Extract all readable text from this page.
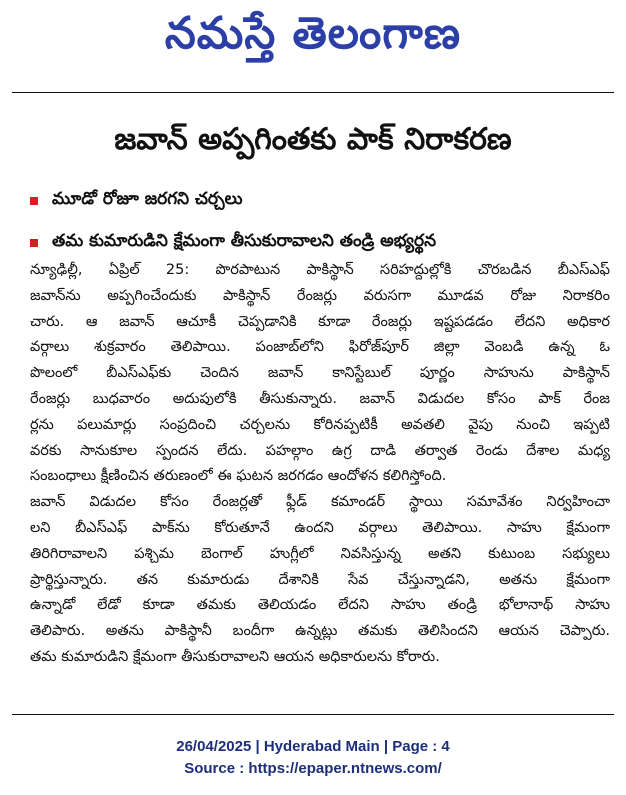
నమస్తే తెలంగాణ
జవాన్ అప్పగింతకు పాక్ నిరాకరణ
మూడో రోజూ జరగని చర్చలు
తమ కుమారుడిని క్షేమంగా తీసుకురావాలని తండ్రి అభ్యర్థన
న్యూఢిల్లీ, ఏప్రిల్ 25: పొరపాటున పాకిస్థాన్ సరిహద్దుల్లోకి చొరబడిన బీఎస్ఎఫ్
జవాన్‌ను అప్పగించేందుకు పాకిస్థాన్ రేంజర్లు వరుసగా మూడవ రోజు నిరాకరిం
చారు. ఆ జవాన్ ఆచూకీ చెప్పడానికి కూడా రేంజర్లు ఇష్టపడడం లేదని అధికార
వర్గాలు శుక్రవారం తెలిపాయి. పంజాబ్‌లోని ఫిరోజ్‌పూర్ జిల్లా వెంబడి ఉన్న ఓ
పొలంలో బీఎస్ఎఫ్‌కు చెందిన జవాన్ కానిస్టేబుల్ పూర్ణం సాహును పాకిస్థాన్
రేంజర్లు బుధవారం అదుపులోకి తీసుకున్నారు. జవాన్ విడుదల కోసం పాక్ రేంజ
ర్లను పలుమార్లు సంప్రదించి చర్చలను కోరినప్పటికీ అవతలి వైపు నుంచి ఇప్పటి
వరకు సానుకూల స్పందన లేదు. పహల్గాం ఉగ్ర దాడి తర్వాత రెండు దేశాల మధ్య
సంబంధాలు క్షీణించిన తరుణంలో ఈ ఘటన జరగడం ఆందోళన కలిగిస్తోంది.
జవాన్ విడుదల కోసం రేంజర్లతో ఫ్లీడ్ కమాండర్ స్థాయి సమావేశం నిర్వహించా
లని బీఎస్ఎఫ్ పాక్‌ను కోరుతూనే ఉందని వర్గాలు తెలిపాయి. సాహు క్షేమంగా
తిరిగిరావాలని పశ్చిమ బెంగాల్ హుగ్లీలో నివసిస్తున్న అతని కుటుంబ సభ్యులు
ప్రార్థిస్తున్నారు. తన కుమారుడు దేశానికి సేవ చేస్తున్నాడని, అతను క్షేమంగా
ఉన్నాడో లేడో కూడా తమకు తెలియడం లేదని సాహు తండ్రి భోలానాథ్ సాహు
తెలిపారు. అతను పాకిస్థానీ బందీగా ఉన్నట్లు తమకు తెలిసిందని ఆయన చెప్పారు.
తమ కుమారుడిని క్షేమంగా తీసుకురావాలని ఆయన అధికారులను కోరారు.
26/04/2025 | Hyderabad Main | Page : 4
Source : https://epaper.ntnews.com/
